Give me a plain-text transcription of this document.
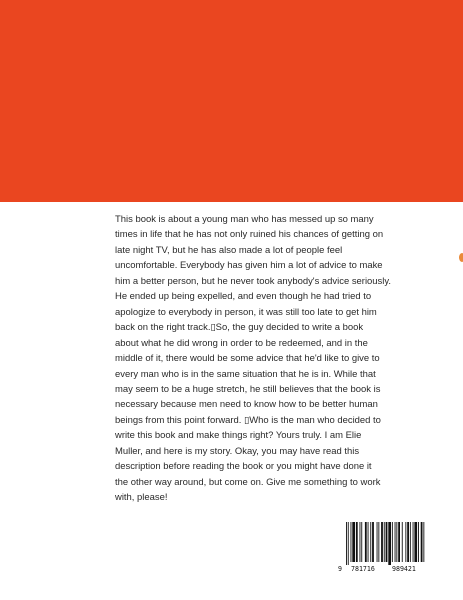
This book is about a young man who has messed up so many
times in life that he has not only ruined his chances of getting on
late night TV, but he has also made a lot of people feel
uncomfortable. Everybody has given him a lot of advice to make
him a better person, but he never took anybody's advice seriously.
He ended up being expelled, and even though he had tried to
apologize to everybody in person, it was still too late to get him
back on the right track.▯So, the guy decided to write a book
about what he did wrong in order to be redeemed, and in the
middle of it, there would be some advice that he'd like to give to
every man who is in the same situation that he is in. While that
may seem to be a huge stretch, he still believes that the book is
necessary because men need to know how to be better human
beings from this point forward. ▯Who is the man who decided to
write this book and make things right? Yours truly. I am Elie
Muller, and here is my story. Okay, you may have read this
description before reading the book or you might have done it
the other way around, but come on. Give me something to work
with, please!
9 781716	989421
